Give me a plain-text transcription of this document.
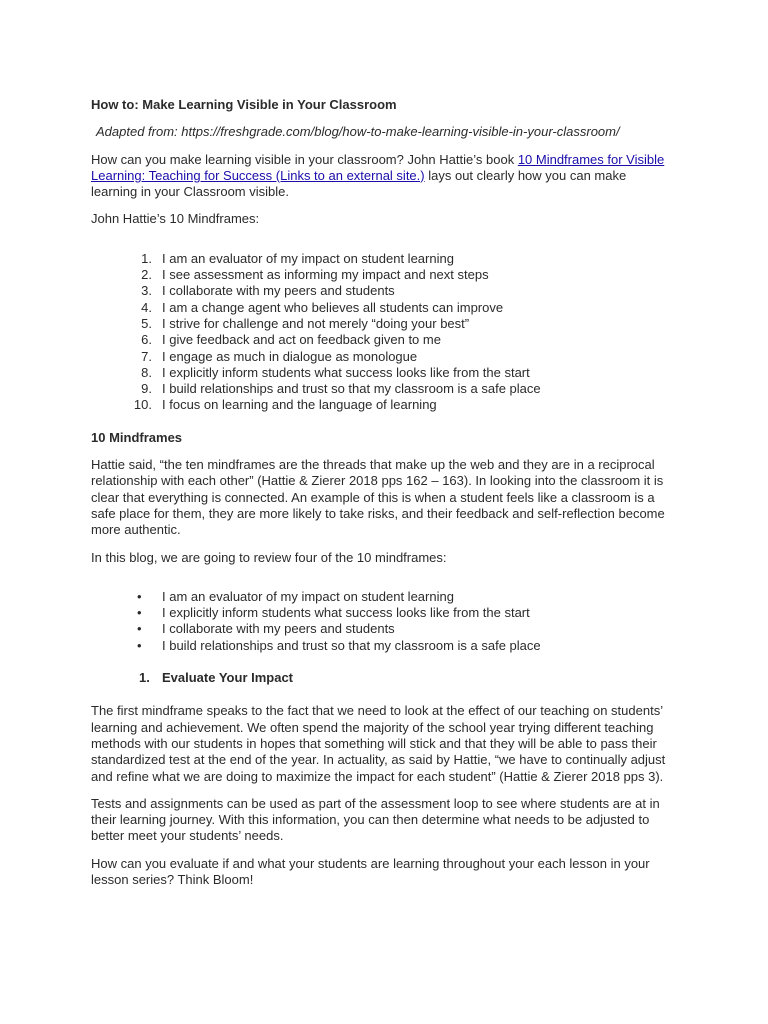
How to: Make Learning Visible in Your Classroom
Adapted from: https://freshgrade.com/blog/how-to-make-learning-visible-in-your-classroom/

How can you make learning visible in your classroom? John Hattie’s book 10 Mindframes for Visible Learning: Teaching for Success (Links to an external site.) lays out clearly how you can make learning in your Classroom visible.

John Hattie’s 10 Mindframes:

1. I am an evaluator of my impact on student learning
2. I see assessment as informing my impact and next steps
3. I collaborate with my peers and students
4. I am a change agent who believes all students can improve
5. I strive for challenge and not merely “doing your best”
6. I give feedback and act on feedback given to me
7. I engage as much in dialogue as monologue
8. I explicitly inform students what success looks like from the start
9. I build relationships and trust so that my classroom is a safe place
10. I focus on learning and the language of learning
10 Mindframes

Hattie said, “the ten mindframes are the threads that make up the web and they are in a reciprocal relationship with each other” (Hattie & Zierer 2018 pps 162 – 163). In looking into the classroom it is clear that everything is connected. An example of this is when a student feels like a classroom is a safe place for them, they are more likely to take risks, and their feedback and self-reflection become more authentic.

In this blog, we are going to review four of the 10 mindframes:

• I am an evaluator of my impact on student learning
• I explicitly inform students what success looks like from the start
• I collaborate with my peers and students
• I build relationships and trust so that my classroom is a safe place
1. Evaluate Your Impact

The first mindframe speaks to the fact that we need to look at the effect of our teaching on students’ learning and achievement. We often spend the majority of the school year trying different teaching methods with our students in hopes that something will stick and that they will be able to pass their standardized test at the end of the year. In actuality, as said by Hattie, “we have to continually adjust and refine what we are doing to maximize the impact for each student” (Hattie & Zierer 2018 pps 3).

Tests and assignments can be used as part of the assessment loop to see where students are at in their learning journey. With this information, you can then determine what needs to be adjusted to better meet your students’ needs.

How can you evaluate if and what your students are learning throughout your each lesson in your lesson series? Think Bloom!
